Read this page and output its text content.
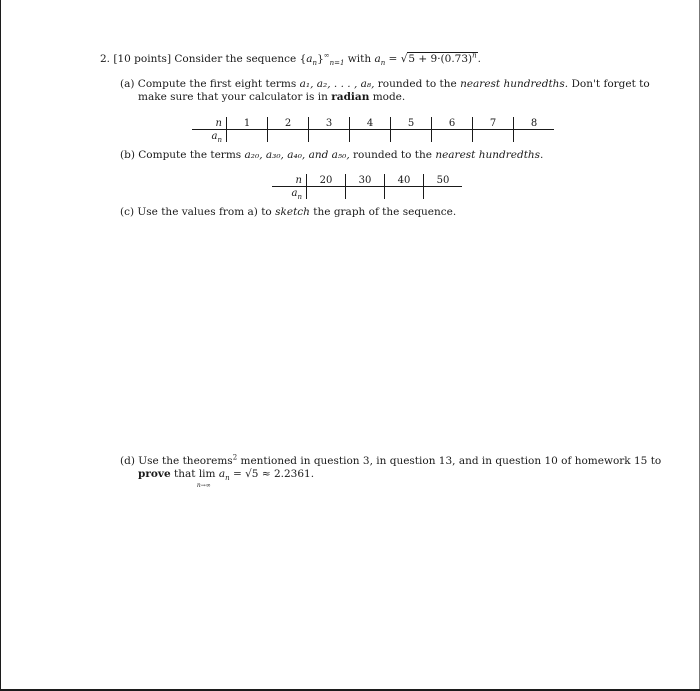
2. [10 points] Consider the sequence $\{a_n\}^\infty_{n=1}$ with $a_n = √5 + 9\cdot(0.73)^n$.
(a) Compute the first eight terms a₁, a₂, . . . , a₈, rounded to the nearest hundredths. Don't forget to
make sure that your calculator is in radian mode.
n	1	2	3	4	5	6	7	8
$a_n$								
(b) Compute the terms a₂₀, a₃₀, a₄₀, and a₅₀, rounded to the nearest hundredths.
n	20	30	40	50
$a_n$				
(c) Use the values from a) to sketch the graph of the sequence.
(d) Use the theorems$^2$ mentioned in question 3, in question 13, and in question 10 of homework 15 to
prove that lim
n→∞
$a_n = √5 \approx 2.2361$.
